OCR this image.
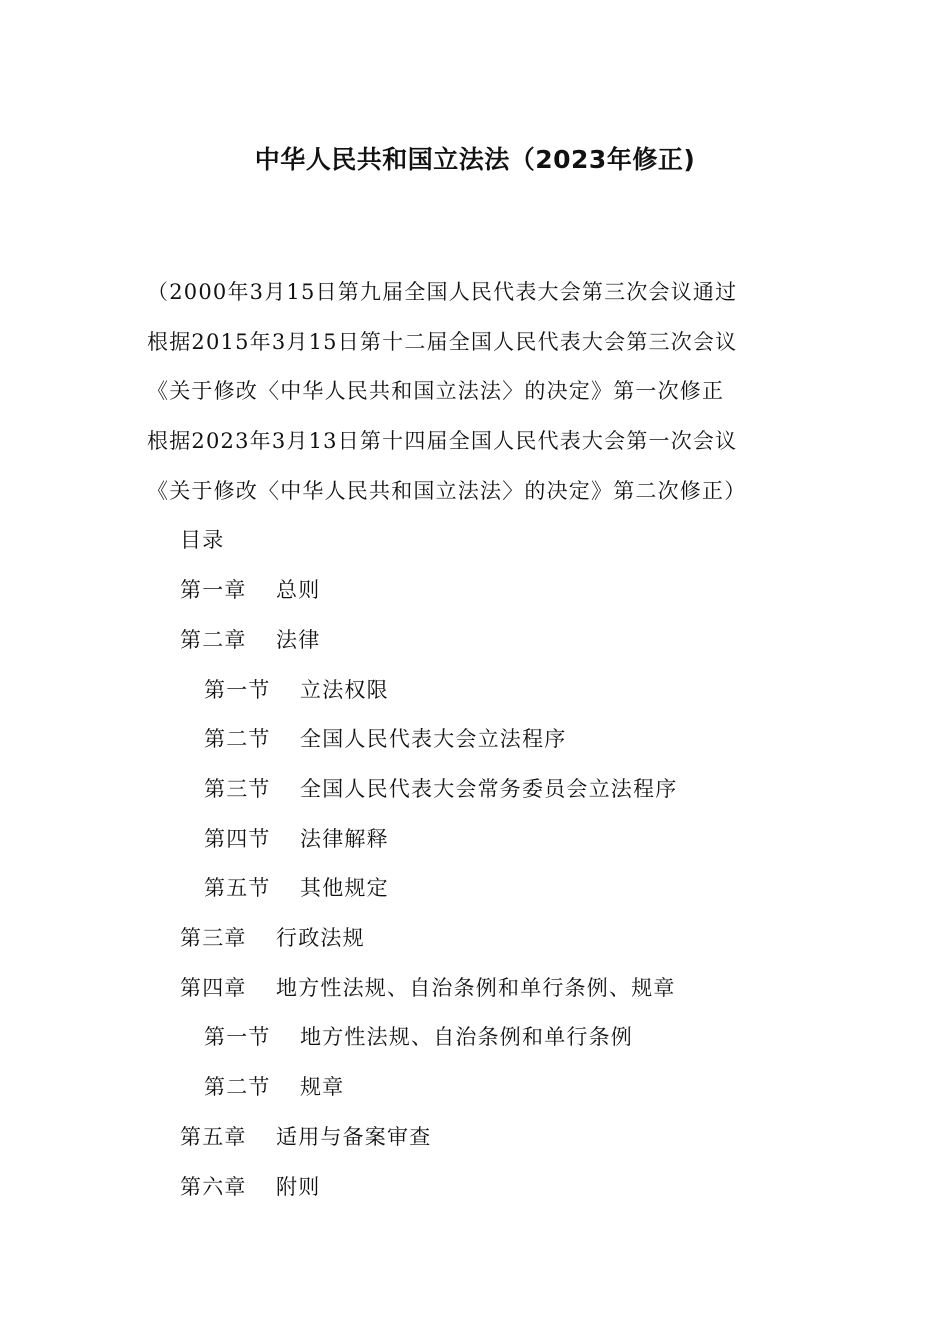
中华人民共和国立法法（2023年修正)
（2000年3月15日第九届全国人民代表大会第三次会议通过
根据2015年3月15日第十二届全国人民代表大会第三次会议
《关于修改〈中华人民共和国立法法〉的决定》第一次修正
根据2023年3月13日第十四届全国人民代表大会第一次会议
《关于修改〈中华人民共和国立法法〉的决定》第二次修正）
目录
第一章 总则
第二章 法律
第一节 立法权限
第二节 全国人民代表大会立法程序
第三节 全国人民代表大会常务委员会立法程序
第四节 法律解释
第五节 其他规定
第三章 行政法规
第四章 地方性法规、自治条例和单行条例、规章
第一节 地方性法规、自治条例和单行条例
第二节 规章
第五章 适用与备案审查
第六章 附则
